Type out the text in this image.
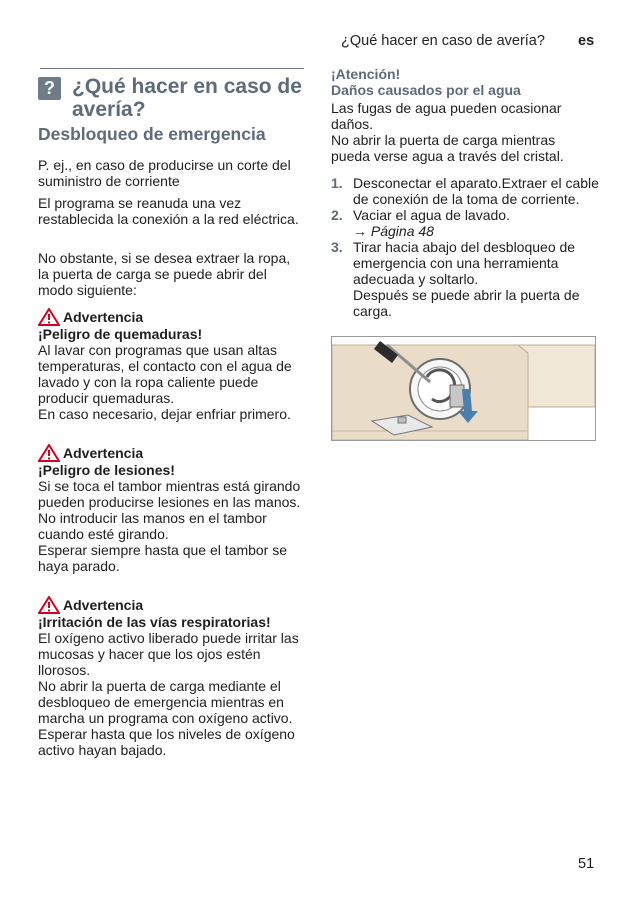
¿Qué hacer en caso de avería? es
? ¿Qué hacer en caso de avería?
Desbloqueo de emergencia
P. ej., en caso de producirse un corte del suministro de corriente
El programa se reanuda una vez restablecida la conexión a la red eléctrica.
No obstante, si se desea extraer la ropa, la puerta de carga se puede abrir del modo siguiente:
Advertencia
¡Peligro de quemaduras!
Al lavar con programas que usan altas temperaturas, el contacto con el agua de lavado y con la ropa caliente puede producir quemaduras.
En caso necesario, dejar enfriar primero.
Advertencia
¡Peligro de lesiones!
Si se toca el tambor mientras está girando pueden producirse lesiones en las manos.
No introducir las manos en el tambor cuando esté girando.
Esperar siempre hasta que el tambor se haya parado.
Advertencia
¡Irritación de las vías respiratorias!
El oxígeno activo liberado puede irritar las mucosas y hacer que los ojos estén llorosos.
No abrir la puerta de carga mediante el desbloqueo de emergencia mientras en marcha un programa con oxígeno activo.
Esperar hasta que los niveles de oxígeno activo hayan bajado.
¡Atención!
Daños causados por el agua
Las fugas de agua pueden ocasionar daños.
No abrir la puerta de carga mientras pueda verse agua a través del cristal.
1. Desconectar el aparato.Extraer el cable de conexión de la toma de corriente.
2. Vaciar el agua de lavado.
→ Página 48
3. Tirar hacia abajo del desbloqueo de emergencia con una herramienta adecuada y soltarlo.
Después se puede abrir la puerta de carga.
51
